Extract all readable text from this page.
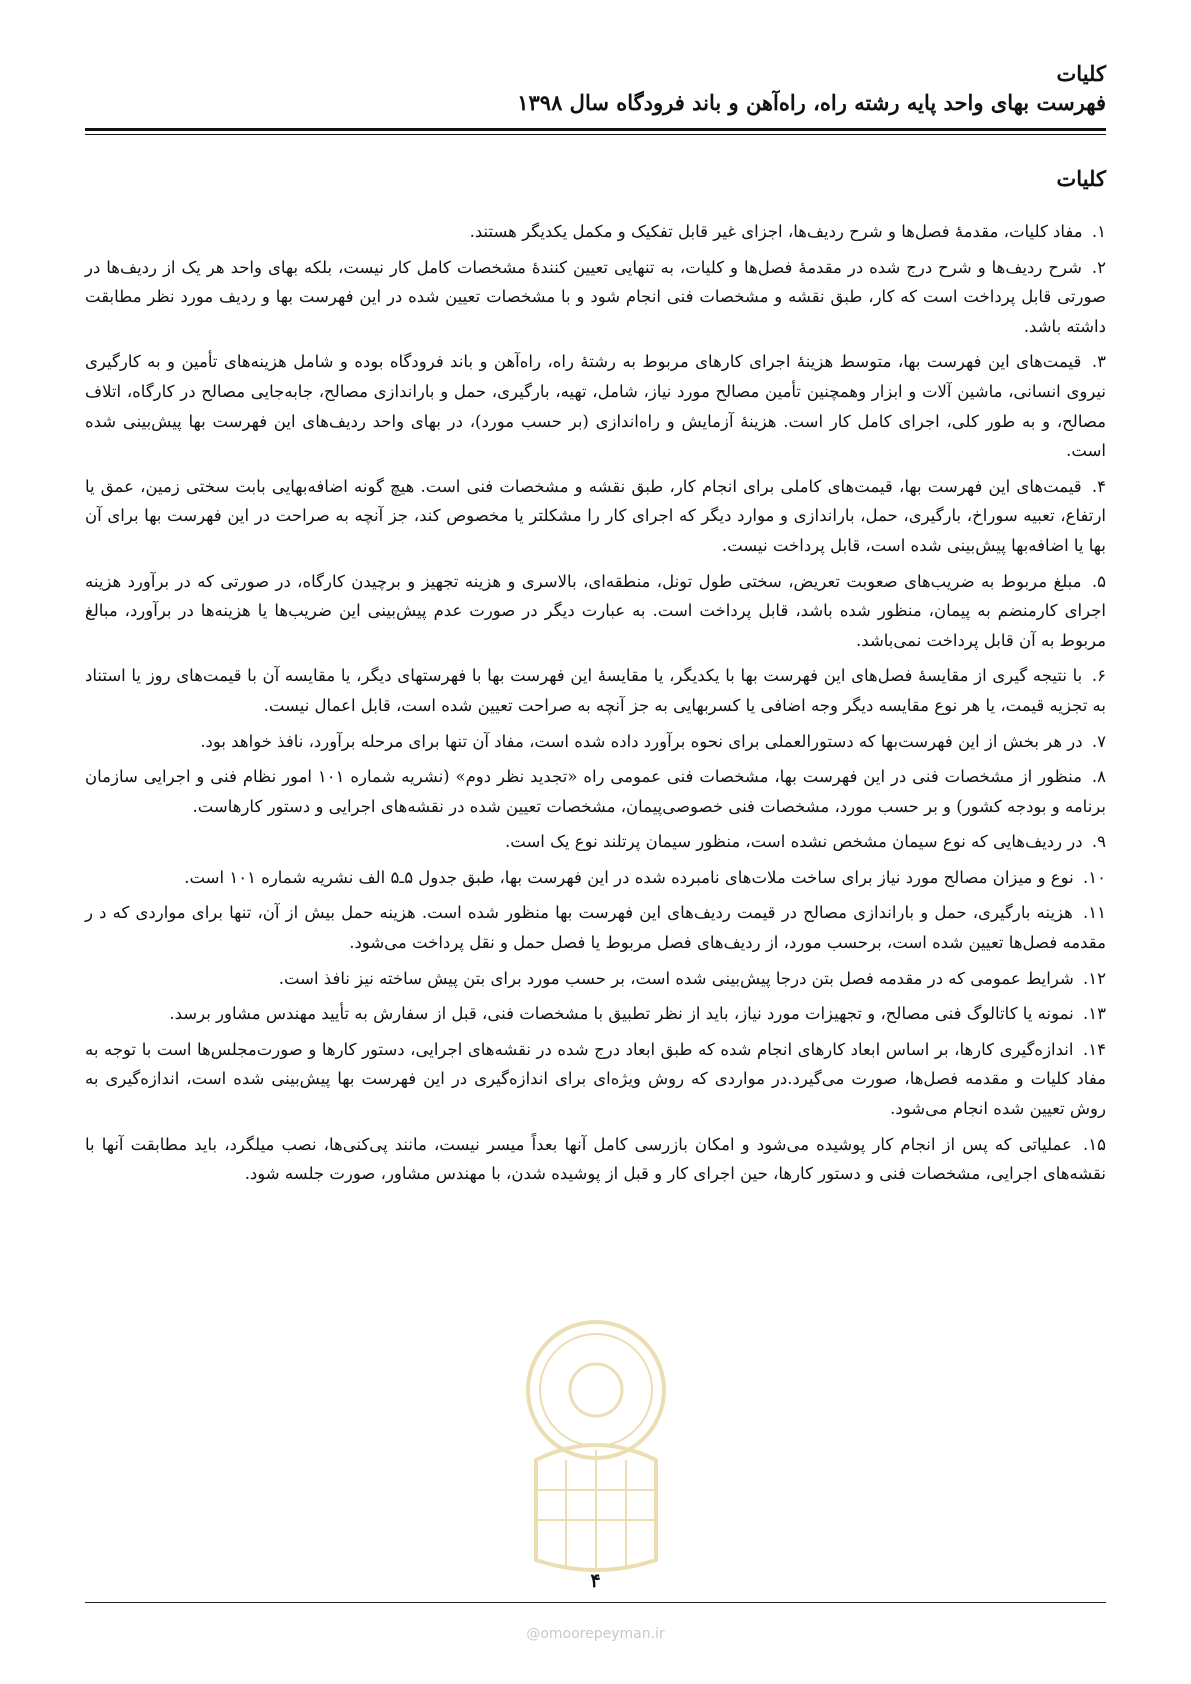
کلیات

فهرست بهای واحد پایه رشته راه، راه‌آهن و باند فرودگاه سال ۱۳۹۸

کلیات

۱. مفاد کلیات، مقدمهٔ فصل‌ها و شرح ردیف‌ها، اجزای غیر قابل تفکیک و مکمل یکدیگر هستند.

۲. شرح ردیف‌ها و شرح درج شده در مقدمهٔ فصل‌ها و کلیات، به تنهایی تعیین کنندهٔ مشخصات کامل کار نیست، بلکه بهای واحد هر یک از ردیف‌ها در صورتی قابل پرداخت است که کار، طبق نقشه و مشخصات فنی انجام شود و با مشخصات تعیین شده در این فهرست بها و ردیف مورد نظر مطابقت داشته باشد.

۳. قیمت‌های این فهرست بها، متوسط هزینهٔ اجرای کارهای مربوط به رشتهٔ راه، راه‌آهن و باند فرودگاه بوده و شامل هزینه‌های تأمین و به کارگیری نیروی انسانی، ماشین آلات و ابزار وهمچنین تأمین مصالح مورد نیاز، شامل، تهیه، بارگیری، حمل و باراندازی مصالح، جابه‌جایی مصالح در کارگاه، اتلاف مصالح، و به طور کلی، اجرای کامل کار است. هزینهٔ آزمایش و راه‌اندازی (بر حسب مورد)، در بهای واحد ردیف‌های این فهرست بها پیش‌بینی شده است.

۴. قیمت‌های این فهرست بها، قیمت‌های کاملی برای انجام کار، طبق نقشه و مشخصات فنی است. هیچ گونه اضافه‌بهایی بابت سختی زمین، عمق یا ارتفاع، تعبیه سوراخ، بارگیری، حمل، باراندازی و موارد دیگر که اجرای کار را مشکلتر یا مخصوص کند، جز آنچه به صراحت در این فهرست بها برای آن بها یا اضافه‌بها پیش‌بینی شده است، قابل پرداخت نیست.

۵. مبلغ مربوط به ضریب‌های صعوبت تعریض، سختی طول تونل، منطقه‌ای، بالاسری و هزینه تجهیز و برچیدن کارگاه، در صورتی که در برآورد هزینه اجرای کارمنضم به پیمان، منظور شده باشد، قابل پرداخت است. به عبارت دیگر در صورت عدم پیش‌بینی این ضریب‌ها یا هزینه‌ها در برآورد، مبالغ مربوط به آن قابل پرداخت نمی‌باشد.

۶. با نتیجه گیری از مقایسهٔ فصل‌های این فهرست بها با یکدیگر، یا مقایسهٔ این فهرست بها با فهرستهای دیگر، یا مقایسه آن با قیمت‌های روز یا استناد به تجزیه قیمت، یا هر نوع مقایسه دیگر وجه اضافی یا کسربهایی به جز آنچه به صراحت تعیین شده است، قابل اعمال نیست.

۷. در هر بخش از این فهرست‌بها که دستورالعملی برای نحوه برآورد داده شده است، مفاد آن تنها برای مرحله برآورد، نافذ خواهد بود.

۸. منظور از مشخصات فنی در این فهرست بها، مشخصات فنی عمومی راه «تجدید نظر دوم» (نشریه شماره ۱۰۱ امور نظام فنی و اجرایی سازمان برنامه و بودجه کشور) و بر حسب مورد، مشخصات فنی خصوصی‌پیمان، مشخصات تعیین شده در نقشه‌های اجرایی و دستور کارهاست.

۹. در ردیف‌هایی که نوع سیمان مشخص نشده است، منظور سیمان پرتلند نوع یک است.

۱۰. نوع و میزان مصالح مورد نیاز برای ساخت ملات‌های نامبرده شده در این فهرست بها، طبق جدول ۵ـ۵ الف نشریه شماره ۱۰۱ است.

۱۱. هزینه بارگیری، حمل و باراندازی مصالح در قیمت ردیف‌های این فهرست بها منظور شده است. هزینه حمل بیش از آن، تنها برای مواردی که د ر مقدمه فصل‌ها تعیین شده است، برحسب مورد، از ردیف‌های فصل مربوط یا فصل حمل و نقل پرداخت می‌شود.

۱۲. شرایط عمومی که در مقدمه فصل بتن درجا پیش‌بینی شده است، بر حسب مورد برای بتن پیش ساخته نیز نافذ است.

۱۳. نمونه یا کاتالوگ فنی مصالح، و تجهیزات مورد نیاز، باید از نظر تطبیق با مشخصات فنی، قبل از سفارش به تأیید مهندس مشاور برسد.

۱۴. اندازه‌گیری کارها، بر اساس ابعاد کارهای انجام شده که طبق ابعاد درج شده در نقشه‌های اجرایی، دستور کارها و صورت‌مجلس‌ها است با توجه به مفاد کلیات و مقدمه فصل‌ها، صورت می‌گیرد.در مواردی که روش ویژه‌ای برای اندازه‌گیری در این فهرست بها پیش‌بینی شده است، اندازه‌گیری به روش تعیین شده انجام می‌شود.

۱۵. عملیاتی که پس از انجام کار پوشیده می‌شود و امکان بازرسی کامل آنها بعداً میسر نیست، مانند پی‌کنی‌ها، نصب میلگرد، باید مطابقت آنها با نقشه‌های اجرایی، مشخصات فنی و دستور کارها، حین اجرای کار و قبل از پوشیده شدن، با مهندس مشاور، صورت جلسه شود.

۴
@omoorepeyman.ir
